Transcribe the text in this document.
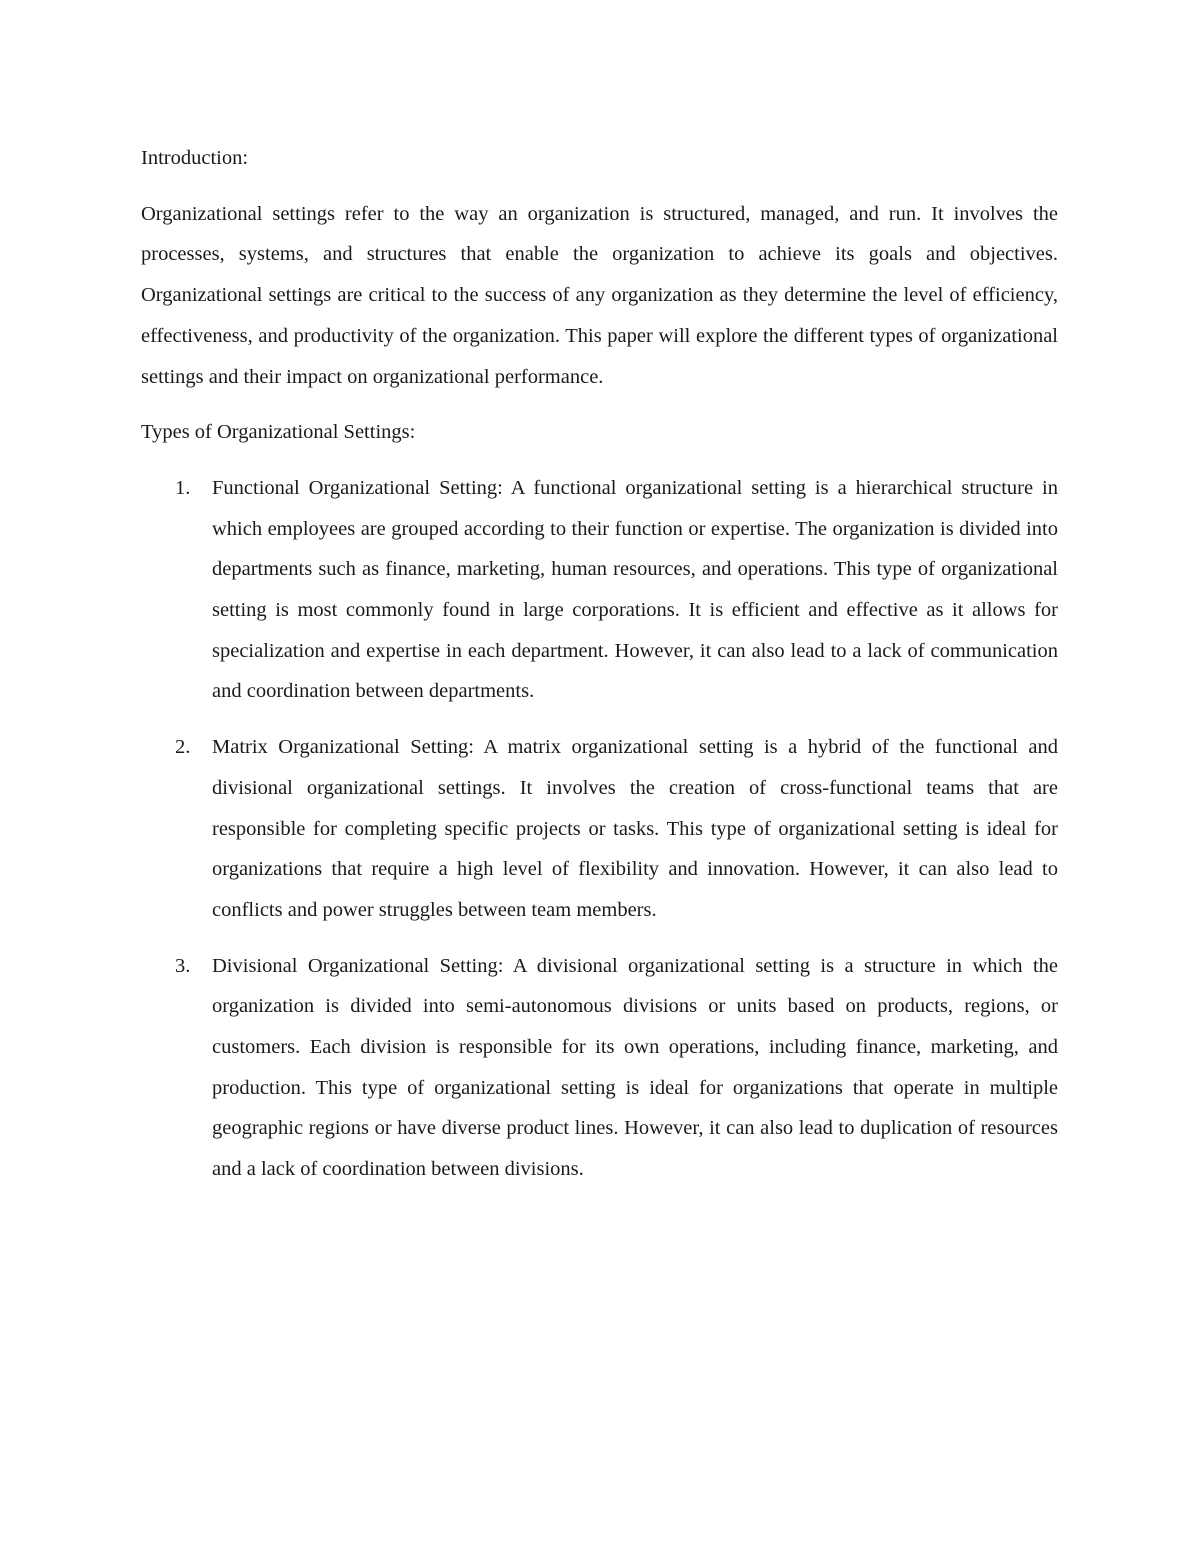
Introduction:

Organizational settings refer to the way an organization is structured, managed, and run. It involves the processes, systems, and structures that enable the organization to achieve its goals and objectives. Organizational settings are critical to the success of any organization as they determine the level of efficiency, effectiveness, and productivity of the organization. This paper will explore the different types of organizational settings and their impact on organizational performance.

Types of Organizational Settings:

1. Functional Organizational Setting: A functional organizational setting is a hierarchical structure in which employees are grouped according to their function or expertise. The organization is divided into departments such as finance, marketing, human resources, and operations. This type of organizational setting is most commonly found in large corporations. It is efficient and effective as it allows for specialization and expertise in each department. However, it can also lead to a lack of communication and coordination between departments.
2. Matrix Organizational Setting: A matrix organizational setting is a hybrid of the functional and divisional organizational settings. It involves the creation of cross-functional teams that are responsible for completing specific projects or tasks. This type of organizational setting is ideal for organizations that require a high level of flexibility and innovation. However, it can also lead to conflicts and power struggles between team members.
3. Divisional Organizational Setting: A divisional organizational setting is a structure in which the organization is divided into semi-autonomous divisions or units based on products, regions, or customers. Each division is responsible for its own operations, including finance, marketing, and production. This type of organizational setting is ideal for organizations that operate in multiple geographic regions or have diverse product lines. However, it can also lead to duplication of resources and a lack of coordination between divisions.
